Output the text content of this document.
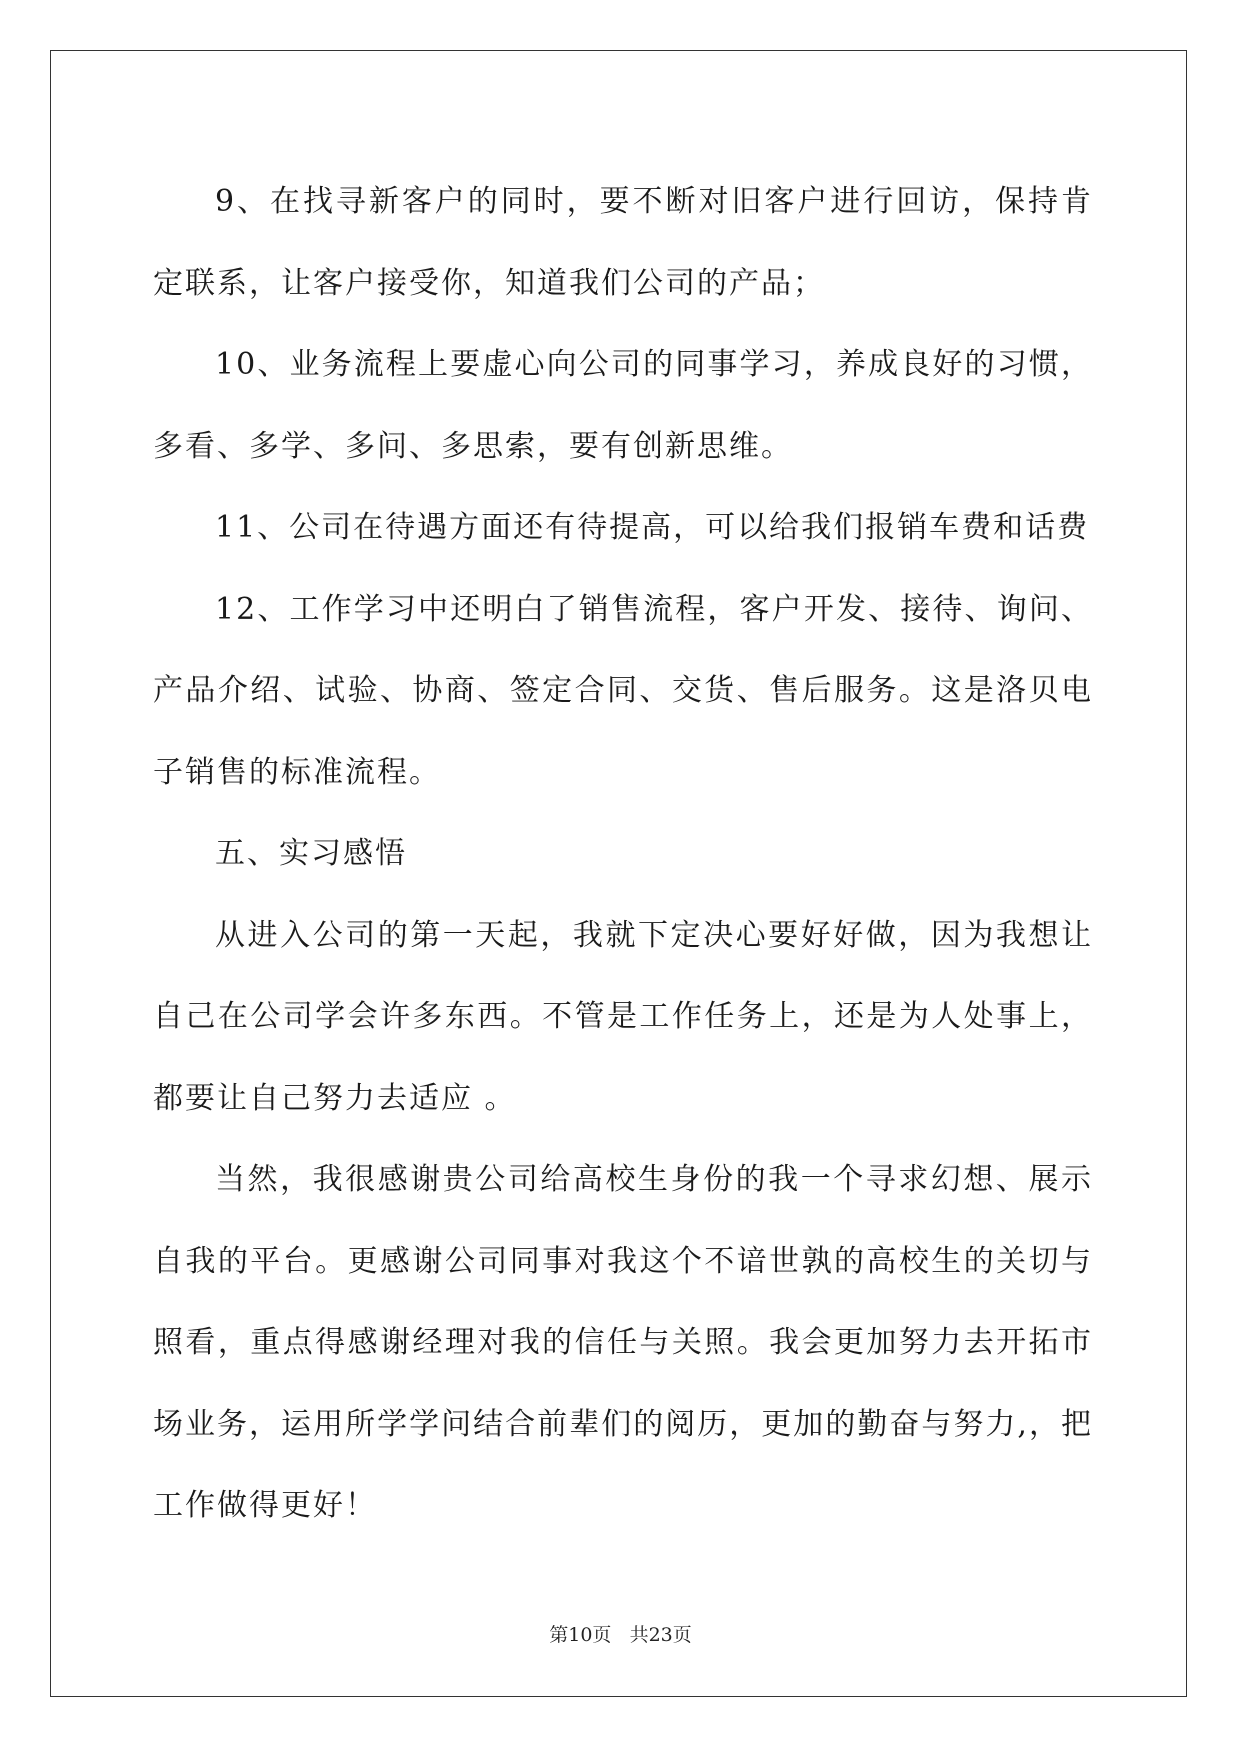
9、在找寻新客户的同时，要不断对旧客户进行回访，保持肯定联系，让客户接受你，知道我们公司的产品；

10、业务流程上要虚心向公司的同事学习，养成良好的习惯，多看、多学、多问、多思索，要有创新思维。

11、公司在待遇方面还有待提高，可以给我们报销车费和话费

12、工作学习中还明白了销售流程，客户开发、接待、询问、产品介绍、试验、协商、签定合同、交货、售后服务。这是洛贝电子销售的标准流程。

五、实习感悟

从进入公司的第一天起，我就下定决心要好好做，因为我想让自己在公司学会许多东西。不管是工作任务上，还是为人处事上，都要让自己努力去适应 。

当然，我很感谢贵公司给高校生身份的我一个寻求幻想、展示自我的平台。更感谢公司同事对我这个不谙世孰的高校生的关切与照看，重点得感谢经理对我的信任与关照。我会更加努力去开拓市场业务，运用所学学问结合前辈们的阅历，更加的勤奋与努力,，把工作做得更好！

第10页 共23页
